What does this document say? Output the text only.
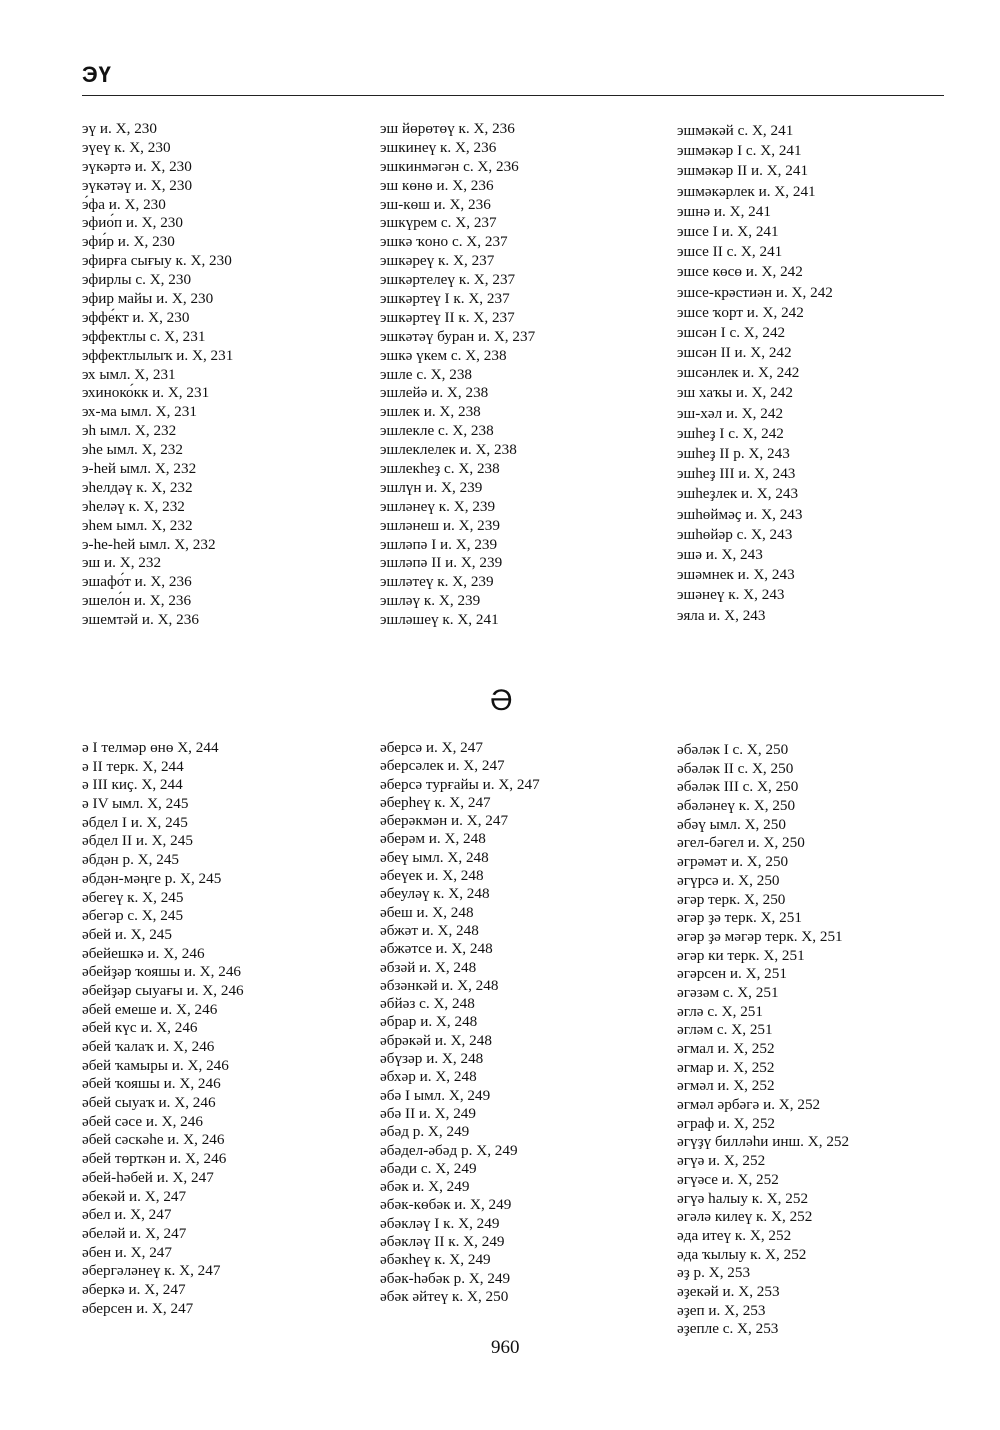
ЭҮ
эү и. X, 230
эүеү к. X, 230
эүкәртә и. X, 230
эүкәтәү и. X, 230
э́фа и. X, 230
эфио́п и. X, 230
эфи́р и. X, 230
эфирға сығыу к. X, 230
эфирлы с. X, 230
эфир майы и. X, 230
эффе́кт и. X, 230
эффектлы с. X, 231
эффектлылыҡ и. X, 231
эх ымл. X, 231
эхиноко́кк и. X, 231
эх-ма ымл. X, 231
эһ ымл. X, 232
эһе ымл. X, 232
э-һей ымл. X, 232
эһелдәү к. X, 232
эһеләү к. X, 232
эһем ымл. X, 232
э-һе-һей ымл. X, 232
эш и. X, 232
эшафо́т и. X, 236
эшело́н и. X, 236
эшемтәй и. X, 236
эш йөрөтөү к. X, 236
эшкинеү к. X, 236
эшкинмәгән с. X, 236
эш көнө и. X, 236
эш-көш и. X, 236
эшкүрем с. X, 237
эшкә ҡоно с. X, 237
эшкәреү к. X, 237
эшкәртелеү к. X, 237
эшкәртеү I к. X, 237
эшкәртеү II к. X, 237
эшкәтәү буран и. X, 237
эшкә үкем с. X, 238
эшле с. X, 238
эшлейә и. X, 238
эшлек и. X, 238
эшлекле с. X, 238
эшлеклелек и. X, 238
эшлекһеҙ с. X, 238
эшлүн и. X, 239
эшләнеү к. X, 239
эшләнеш и. X, 239
эшләпә I и. X, 239
эшләпә II и. X, 239
эшләтеү к. X, 239
эшләү к. X, 239
эшләшеү к. X, 241
эшмәкәй с. X, 241
эшмәкәр I с. X, 241
эшмәкәр II и. X, 241
эшмәкәрлек и. X, 241
эшнә и. X, 241
эшсе I и. X, 241
эшсе II с. X, 241
эшсе көсө и. X, 242
эшсе-крәстиән и. X, 242
эшсе ҡорт и. X, 242
эшсән I с. X, 242
эшсән II и. X, 242
эшсәнлек и. X, 242
эш хаҡы и. X, 242
эш-хәл и. X, 242
эшһеҙ I с. X, 242
эшһеҙ II р. X, 243
эшһеҙ III и. X, 243
эшһеҙлек и. X, 243
эшһөймәҫ и. X, 243
эшһөйәр с. X, 243
эшә и. X, 243
эшәмнек и. X, 243
эшәнеү к. X, 243
эяла и. X, 243
Ә
ә I телмәр өнө X, 244
ә II терк. X, 244
ә III киҫ. X, 244
ә IV ымл. X, 245
әбдел I и. X, 245
әбдел II и. X, 245
әбдән р. X, 245
әбдән-мәңге р. X, 245
әбегеү к. X, 245
әбегәр с. X, 245
әбей и. X, 245
әбейешкә и. X, 246
әбейҙәр ҡояшы и. X, 246
әбейҙәр сыуағы и. X, 246
әбей емеше и. X, 246
әбей күс и. X, 246
әбей ҡалаҡ и. X, 246
әбей ҡамыры и. X, 246
әбей ҡояшы и. X, 246
әбей сыуаҡ и. X, 246
әбей сәсе и. X, 246
әбей сәскәһе и. X, 246
әбей төрткән и. X, 246
әбей-һәбей и. X, 247
әбекәй и. X, 247
әбел и. X, 247
әбеләй и. X, 247
әбен и. X, 247
әбергәләнеү к. X, 247
әберкә и. X, 247
әберсен и. X, 247
әберсә и. X, 247
әберсәлек и. X, 247
әберсә турғайы и. X, 247
әберһеү к. X, 247
әберәкмән и. X, 247
әберәм и. X, 248
әбеү ымл. X, 248
әбеүек и. X, 248
әбеуләү к. X, 248
әбеш и. X, 248
әбжәт и. X, 248
әбжәтсе и. X, 248
әбзәй и. X, 248
әбзәнкәй и. X, 248
әбйәз с. X, 248
әбрар и. X, 248
әбрәкәй и. X, 248
әбүзәр и. X, 248
әбхәр и. X, 248
әбә I ымл. X, 249
әбә II и. X, 249
әбәд р. X, 249
әбәдел-әбәд р. X, 249
әбәди с. X, 249
әбәк и. X, 249
әбәк-көбәк и. X, 249
әбәкләү I к. X, 249
әбәкләү II к. X, 249
әбәкһеү к. X, 249
әбәк-һәбәк р. X, 249
әбәк әйтеү к. X, 250
әбәләк I с. X, 250
әбәләк II с. X, 250
әбәләк III с. X, 250
әбәләнеү к. X, 250
әбәү ымл. X, 250
әгел-бәгел и. X, 250
әгрәмәт и. X, 250
әгүрсә и. X, 250
әгәр терк. X, 250
әгәр ҙә терк. X, 251
әгәр ҙә мәгәр терк. X, 251
әгәр ки терк. X, 251
әгәрсен и. X, 251
әгәзәм с. X, 251
әглә с. X, 251
әгләм с. X, 251
әгмал и. X, 252
әгмар и. X, 252
әгмәл и. X, 252
әгмәл әрбәгә и. X, 252
әграф и. X, 252
әгүҙү билләһи инш. X, 252
әгүә и. X, 252
әгүәсе и. X, 252
әгүә һалыу к. X, 252
әгәлә килеү к. X, 252
әда итеү к. X, 252
әда ҡылыу к. X, 252
әҙ р. X, 253
әҙекәй и. X, 253
әҙеп и. X, 253
әҙепле с. X, 253
960
